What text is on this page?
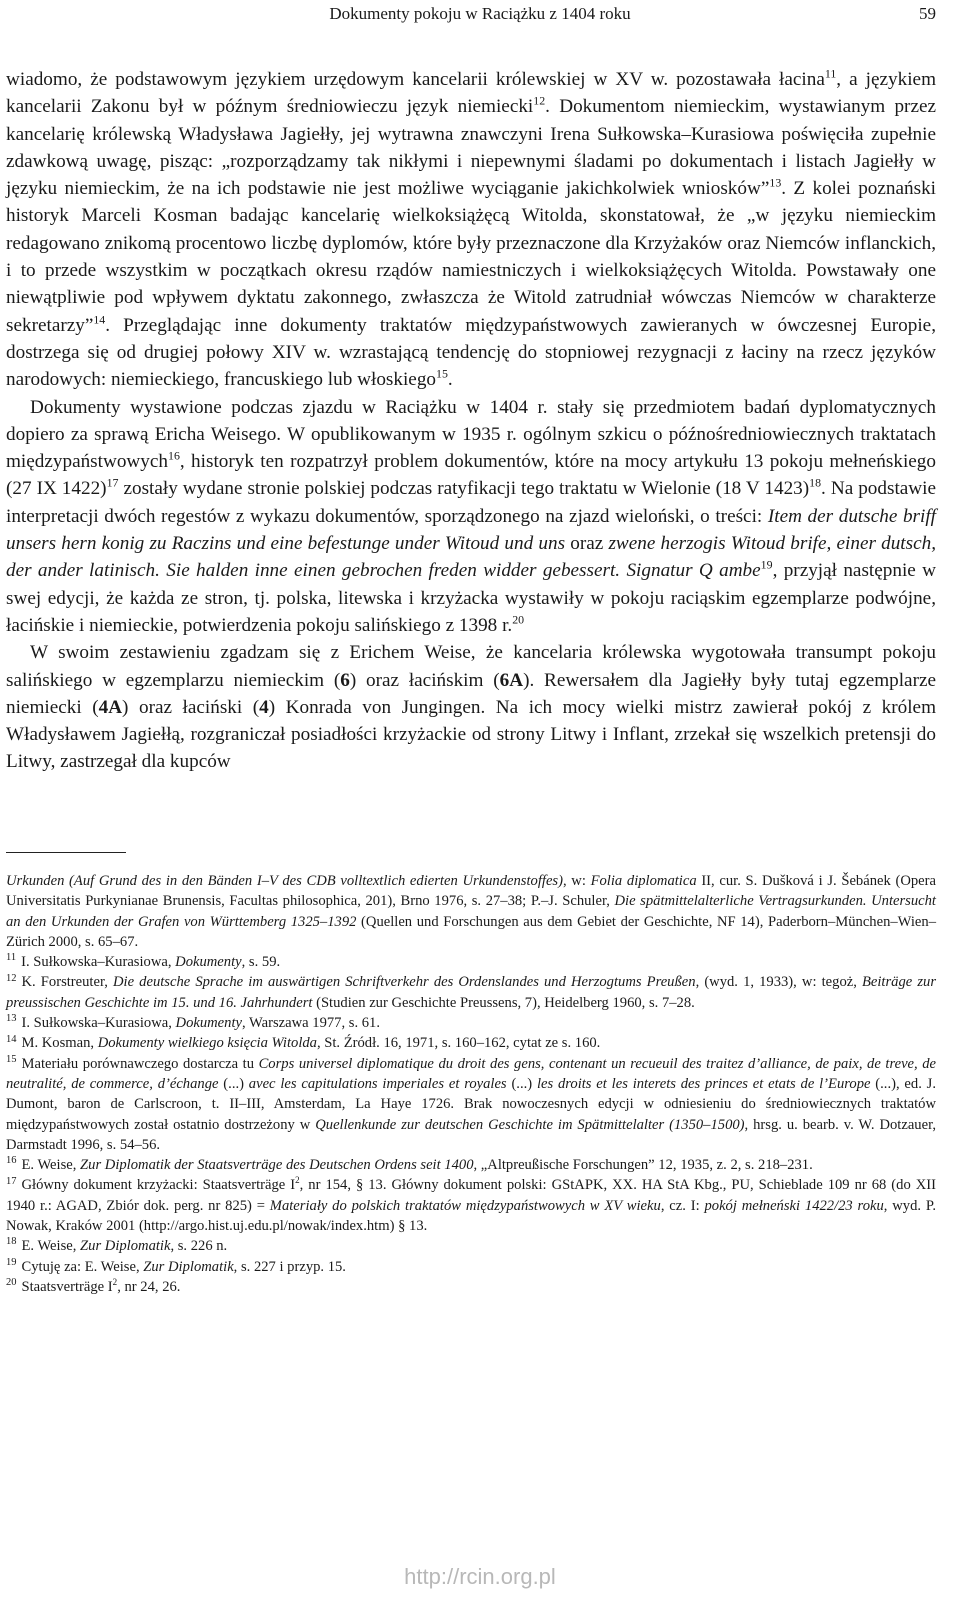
Dokumenty pokoju w Raciążku z 1404 roku	59

wiadomo, że podstawowym językiem urzędowym kancelarii królewskiej w XV w. pozostawała łacina$^{11}$, a językiem kancelarii Zakonu był w późnym średniowieczu język niemiecki$^{12}$. Dokumentom niemieckim, wystawianym przez kancelarię królewską Władysława Jagiełły, jej wytrawna znawczyni Irena Sułkowska–Kurasiowa poświęciła zupełnie zdawkową uwagę, pisząc: „rozporządzamy tak nikłymi i niepewnymi śladami po dokumentach i listach Jagiełły w języku niemieckim, że na ich podstawie nie jest możliwe wyciąganie jakichkolwiek wniosków”$^{13}$. Z kolei poznański historyk Marceli Kosman badając kancelarię wielkoksiążęcą Witolda, skonstatował, że „w języku niemieckim redagowano znikomą procentowo liczbę dyplomów, które były przeznaczone dla Krzyżaków oraz Niemców inflanckich, i to przede wszystkim w początkach okresu rządów namiestniczych i wielkoksiążęcych Witolda. Powstawały one niewątpliwie pod wpływem dyktatu zakonnego, zwłaszcza że Witold zatrudniał wówczas Niemców w charakterze sekretarzy”$^{14}$. Przeglądając inne dokumenty traktatów międzypaństwowych zawieranych w ówczesnej Europie, dostrzega się od drugiej połowy XIV w. wzrastającą tendencję do stopniowej rezygnacji z łaciny na rzecz języków narodowych: niemieckiego, francuskiego lub włoskiego$^{15}$.

Dokumenty wystawione podczas zjazdu w Raciążku w 1404 r. stały się przedmiotem badań dyplomatycznych dopiero za sprawą Ericha Weisego. W opublikowanym w 1935 r. ogólnym szkicu o późnośredniowiecznych traktatach międzypaństwowych$^{16}$, historyk ten rozpatrzył problem dokumentów, które na mocy artykułu 13 pokoju mełneńskiego (27 IX 1422)$^{17}$ zostały wydane stronie polskiej podczas ratyfikacji tego traktatu w Wielonie (18 V 1423)$^{18}$. Na podstawie interpretacji dwóch regestów z wykazu dokumentów, sporządzonego na zjazd wieloński, o treści: Item der dutsche briff unsers hern konig zu Raczins und eine befestunge under Witoud und uns oraz zwene herzogis Witoud brife, einer dutsch, der ander latinisch. Sie halden inne einen gebrochen freden widder gebessert. Signatur Q ambe$^{19}$, przyjął następnie w swej edycji, że każda ze stron, tj. polska, litewska i krzyżacka wystawiły w pokoju raciąskim egzemplarze podwójne, łacińskie i niemieckie, potwierdzenia pokoju salińskiego z 1398 r.$^{20}$

W swoim zestawieniu zgadzam się z Erichem Weise, że kancelaria królewska wygotowała transumpt pokoju salińskiego w egzemplarzu niemieckim (6) oraz łacińskim (6A). Rewersałem dla Jagiełły były tutaj egzemplarze niemiecki (4A) oraz łaciński (4) Konrada von Jungingen. Na ich mocy wielki mistrz zawierał pokój z królem Władysławem Jagiełłą, rozgraniczał posiadłości krzyżackie od strony Litwy i Inflant, zrzekał się wszelkich pretensji do Litwy, zastrzegał dla kupców

Urkunden (Auf Grund des in den Bänden I–V des CDB volltextlich edierten Urkundenstoffes), w: Folia diplomatica II, cur. S. Dušková i J. Šebánek (Opera Universitatis Purkynianae Brunensis, Facultas philosophica, 201), Brno 1976, s. 27–38; P.–J. Schuler, Die spätmittelalterliche Vertragsurkunden. Untersucht an den Urkunden der Grafen von Württemberg 1325–1392 (Quellen und Forschungen aus dem Gebiet der Geschichte, NF 14), Paderborn–München–Wien–Zürich 2000, s. 65–67.

$^{11}$ I. Sułkowska–Kurasiowa, Dokumenty, s. 59.

$^{12}$ K. Forstreuter, Die deutsche Sprache im auswärtigen Schriftverkehr des Ordenslandes und Herzogtums Preußen, (wyd. 1, 1933), w: tegoż, Beiträge zur preussischen Geschichte im 15. und 16. Jahrhundert (Studien zur Geschichte Preussens, 7), Heidelberg 1960, s. 7–28.

$^{13}$ I. Sułkowska–Kurasiowa, Dokumenty, Warszawa 1977, s. 61.

$^{14}$ M. Kosman, Dokumenty wielkiego księcia Witolda, St. Źródł. 16, 1971, s. 160–162, cytat ze s. 160.

$^{15}$ Materiału porównawczego dostarcza tu Corps universel diplomatique du droit des gens, contenant un recueuil des traitez d’alliance, de paix, de treve, de neutralité, de commerce, d’échange (...) avec les capitulations imperiales et royales (...) les droits et les interets des princes et etats de l’Europe (...), ed. J. Dumont, baron de Carlscroon, t. II–III, Amsterdam, La Haye 1726. Brak nowoczesnych edycji w odniesieniu do średniowiecznych traktatów międzypaństwowych został ostatnio dostrzeżony w Quellenkunde zur deutschen Geschichte im Spätmittelalter (1350–1500), hrsg. u. bearb. v. W. Dotzauer, Darmstadt 1996, s. 54–56.

$^{16}$ E. Weise, Zur Diplomatik der Staatsverträge des Deutschen Ordens seit 1400, „Altpreußische Forschungen” 12, 1935, z. 2, s. 218–231.

$^{17}$ Główny dokument krzyżacki: Staatsverträge $I^2$, nr 154, § 13. Główny dokument polski: GStAPK, XX. HA StA Kbg., PU, Schieblade 109 nr 68 (do XII 1940 r.: AGAD, Zbiór dok. perg. nr 825) = Materiały do polskich traktatów międzypaństwowych w XV wieku, cz. I: pokój mełneński 1422/23 roku, wyd. P. Nowak, Kraków 2001 (http://argo.hist.uj.edu.pl/nowak/index.htm) § 13.

$^{18}$ E. Weise, Zur Diplomatik, s. 226 n.

$^{19}$ Cytuję za: E. Weise, Zur Diplomatik, s. 227 i przyp. 15.

$^{20}$ Staatsverträge $I^2$, nr 24, 26.

http://rcin.org.pl
